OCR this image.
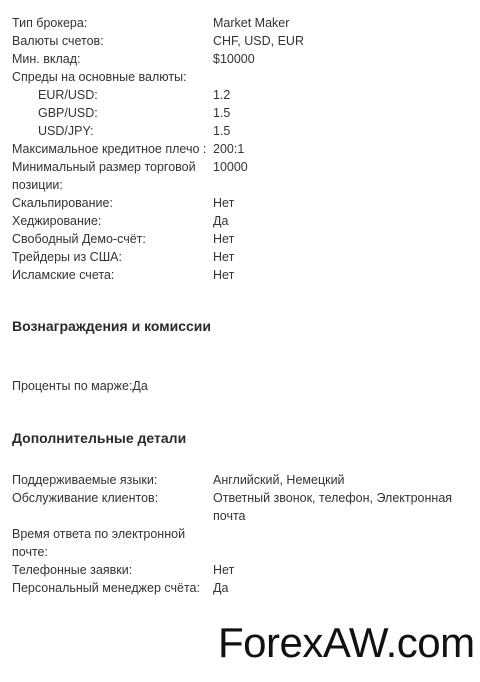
Тип брокера:	Market Maker
Валюты счетов:	CHF, USD, EUR
Мин. вклад:	$10000
Спреды на основные валюты:
EUR/USD:	1.2
GBP/USD:	1.5
USD/JPY:	1.5
Максимальное кредитное плечо : 200:1
Минимальный размер торговой позиции:
10000
Скальпирование:	Нет
Хеджирование:	Да
Свободный Демо-счёт:	Нет
Трейдеры из США:	Нет
Исламские счета:	Нет
Вознаграждения и комиссии
Проценты по марже:Да
Дополнительные детали
Поддерживаемые языки:	Английский, Немецкий
Обслуживание клиентов:	Ответный звонок, телефон, Электронная почта
Время ответа по электронной почте:
Телефонные заявки:	Нет
Персональный менеджер счёта:	Да
ForexAW.com
